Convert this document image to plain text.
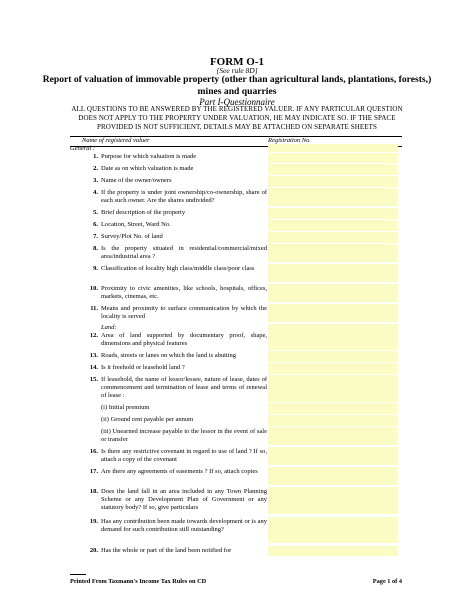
FORM O-1
[See rule 8D]
Report of valuation of immovable property (other than agricultural lands, plantations, forests,) mines and quarries
Part I-Questionnaire
ALL QUESTIONS TO BE ANSWERED BY THE REGISTERED VALUER. IF ANY PARTICULAR QUESTION DOES NOT APPLY TO THE PROPERTY UNDER VALUATION, HE MAY INDICATE SO. IF THE SPACE PROVIDED IS NOT SUFFICIENT, DETAILS MAY BE ATTACHED ON SEPARATE SHEETS
Name of registered valuer	Registration No.
General :
1. Purpose for which valuation is made
2. Date as on which valuation is made
3. Name of the owner/owners
4. If the property is under joint ownership/co-ownership, share of each such owner. Are the shares undivided?
5. Brief description of the property
6. Location, Street, Ward No.
7. Survey/Plot No. of land
8. Is the property situated in residential/commercial/mixed area/industrial area ?
9. Classification of locality high class/middle class/poor class
10. Proximity to civic amenities, like schools, hospitals, offices, markets, cinemas, etc.
11. Means and proximity to surface communication by which the locality is served
Land:
12. Area of land supported by documentary proof, shape, dimensions and physical features
13. Roads, streets or lanes on which the land is abutting
14. Is it freehold or leasehold land ?
15. If leasehold, the name of lessor/lessee, nature of lease, dates of commencement and termination of lease and terms of renewal of lease :
(i) Initial premium
(ii) Ground rent payable per annum
(iii) Unearned increase payable to the lessor in the event of sale or transfer
16. Is there any restrictive covenant in regard to use of land ? If so, attach a copy of the covenant
17. Are there any agreements of easements ? If so, attach copies
18. Does the land fall in an area included in any Town Planning Scheme or any Development Plan of Government or any statutory body? If so, give particulars
19. Has any contribution been made towards development or is any demand for such contribution still outstanding?
20. Has the whole or part of the land been notified for
Printed From Taxmann's Income Tax Rules on CD	Page 1 of 4
